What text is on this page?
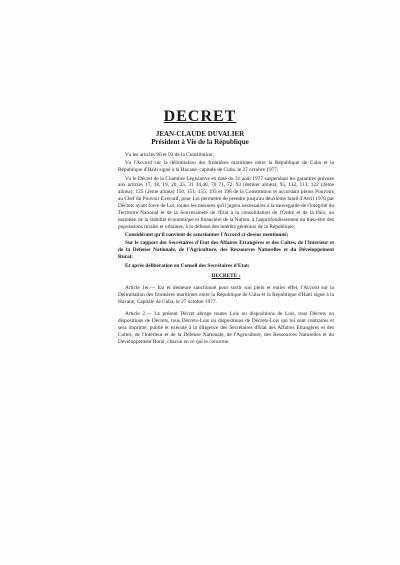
DECRET
JEAN-CLAUDE DUVALIER
Président à Vie de la République

Vu les articles 90 et 93 de la Constitution;

Vu l'Accord sur la délimitation des frontières maritimes entre la République de Cuba et la République d'Haïti signé à la Havane, capitale de Cuba, le 27 octobre 1977;

Vu le Décret de la Chambre Législative en date du 31 août 1977 suspendant les garanties prévues aux articles 17, 18, 19, 20, 25, 31 34,48, 70 71, 72, 93 (dernier alinea), 95, 112, 113; 122 (2ème alinea); 125 (2ème alinéa) 150, 151, 155, 193 et 198 de la Constitution et accordant pleins Pouvoirs au Chef du Pouvoir Exécutif, pour Loi permettre de prendre jusqu'au deuxième lundi d'Avril 1978 par Décrets ayant force de Loi, toutes les mesures qu'il jugera nécessaires à la sauvegarde de l'intégrité du Territoire National et de la Souveraineté de l'Etat à la consolidation de l'Ordre et de la Paix, au maintien de la stabilité économique et financière de la Nation, à l'approfondissement du bien-être des populations rurales et urbaines, à la défense des intérêts généraux de la République;

Considérant qu'il convient de sanctionner l'Accord ci-dessus mentionné;

Sur le rapport des Secrétaires d'Etat des Affaires Etrangères et des Cultes, de l'Intérieur et de la Défense Nationale, de l'Agriculture, des Ressources Naturelles et du Développement Rural;

Et après délibération en Conseil des Secrétaires d'Etat;

DECRETE :

Article 1er.— Est et demeure sanctionné pour sortir son plein et entier effet, l'Accord sur la Délimitation des frontières maritimes entre la République de Cuba et la République d'Haïti signé à la Havane, Capitale de Cuba, le 27 octobre 1977.

Article 2.— Le présent Décret abroge toutes Lois ou dispositions de Lois, tous Décrets ou dispositions de Décrets, tous Décrets-Lois ou dispositions de Décrets-Lois qui lui sont contraires et sera imprimé, publié et exécuté à la diligence des Secrétaires d'Etat des Affaires Etrangères et des Cultes, de l'Intérieur et de la Défense Nationale, de l'Agriculture, des Ressources Naturelles et du Développement Rural, chacun en ce qui le concerne.
